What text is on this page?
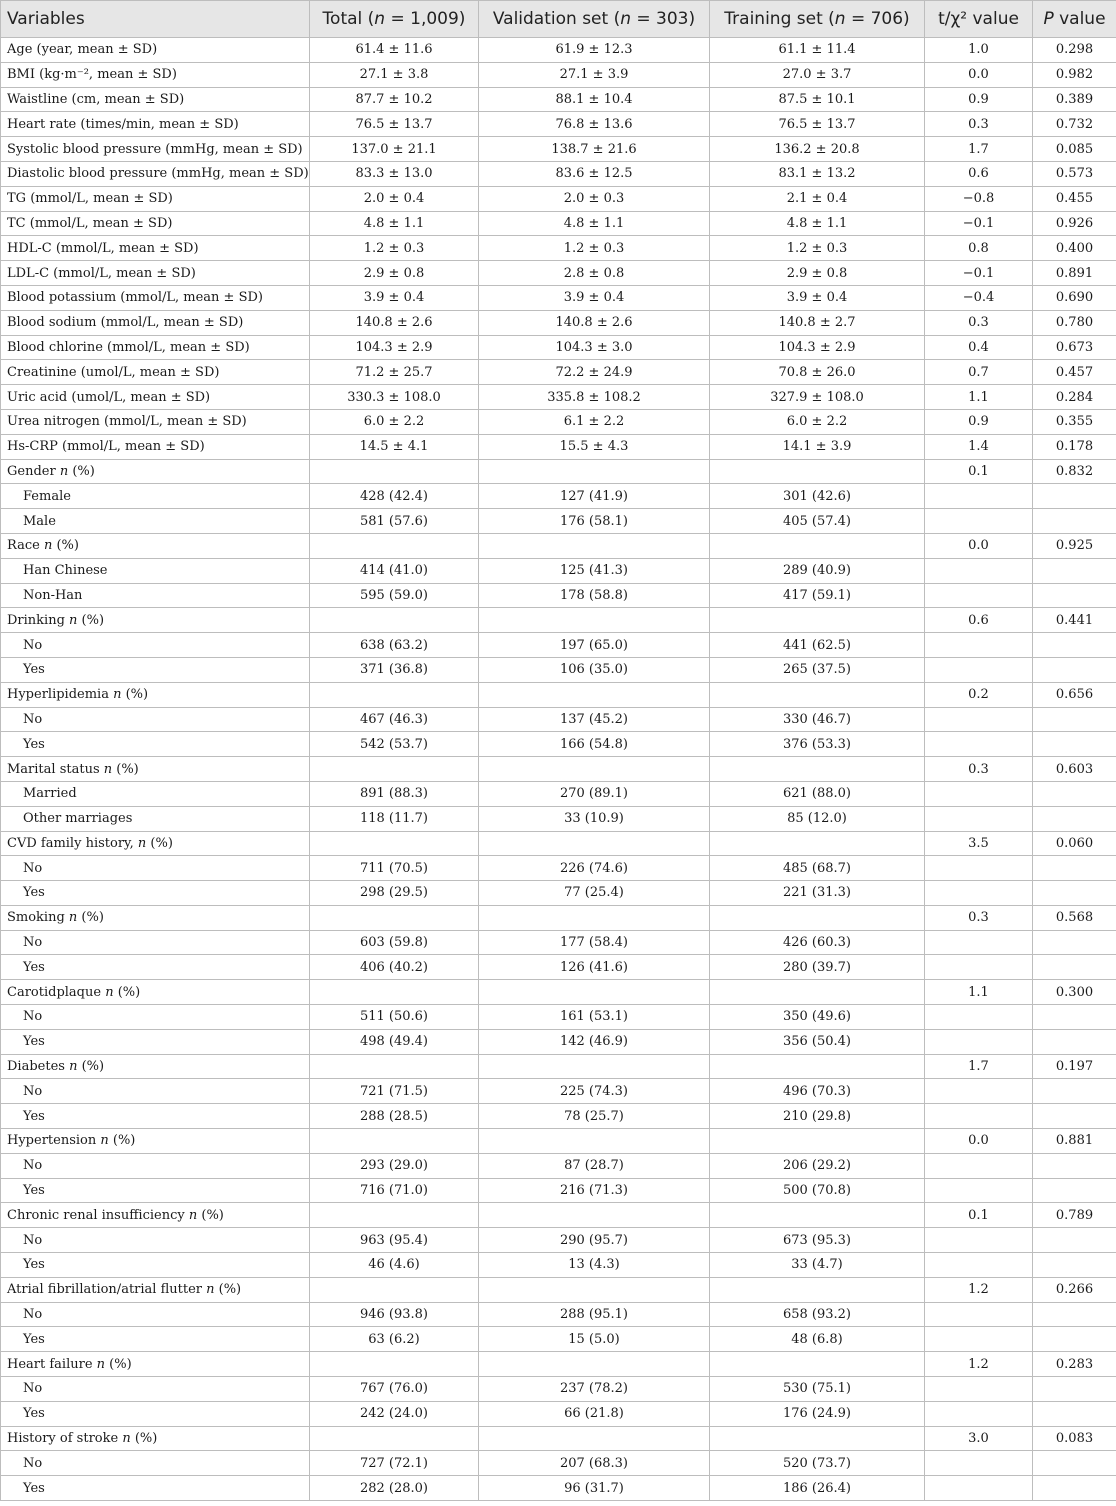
Variables	Total (n = 1,009)	Validation set (n = 303)	Training set (n = 706)	t/χ² value	P value
Age (year, mean ± SD)	61.4 ± 11.6	61.9 ± 12.3	61.1 ± 11.4	1.0	0.298
BMI (kg·m⁻², mean ± SD)	27.1 ± 3.8	27.1 ± 3.9	27.0 ± 3.7	0.0	0.982
Waistline (cm, mean ± SD)	87.7 ± 10.2	88.1 ± 10.4	87.5 ± 10.1	0.9	0.389
Heart rate (times/min, mean ± SD)	76.5 ± 13.7	76.8 ± 13.6	76.5 ± 13.7	0.3	0.732
Systolic blood pressure (mmHg, mean ± SD)	137.0 ± 21.1	138.7 ± 21.6	136.2 ± 20.8	1.7	0.085
Diastolic blood pressure (mmHg, mean ± SD)	83.3 ± 13.0	83.6 ± 12.5	83.1 ± 13.2	0.6	0.573
TG (mmol/L, mean ± SD)	2.0 ± 0.4	2.0 ± 0.3	2.1 ± 0.4	−0.8	0.455
TC (mmol/L, mean ± SD)	4.8 ± 1.1	4.8 ± 1.1	4.8 ± 1.1	−0.1	0.926
HDL-C (mmol/L, mean ± SD)	1.2 ± 0.3	1.2 ± 0.3	1.2 ± 0.3	0.8	0.400
LDL-C (mmol/L, mean ± SD)	2.9 ± 0.8	2.8 ± 0.8	2.9 ± 0.8	−0.1	0.891
Blood potassium (mmol/L, mean ± SD)	3.9 ± 0.4	3.9 ± 0.4	3.9 ± 0.4	−0.4	0.690
Blood sodium (mmol/L, mean ± SD)	140.8 ± 2.6	140.8 ± 2.6	140.8 ± 2.7	0.3	0.780
Blood chlorine (mmol/L, mean ± SD)	104.3 ± 2.9	104.3 ± 3.0	104.3 ± 2.9	0.4	0.673
Creatinine (umol/L, mean ± SD)	71.2 ± 25.7	72.2 ± 24.9	70.8 ± 26.0	0.7	0.457
Uric acid (umol/L, mean ± SD)	330.3 ± 108.0	335.8 ± 108.2	327.9 ± 108.0	1.1	0.284
Urea nitrogen (mmol/L, mean ± SD)	6.0 ± 2.2	6.1 ± 2.2	6.0 ± 2.2	0.9	0.355
Hs-CRP (mmol/L, mean ± SD)	14.5 ± 4.1	15.5 ± 4.3	14.1 ± 3.9	1.4	0.178
Gender n (%)				0.1	0.832
Female	428 (42.4)	127 (41.9)	301 (42.6)		
Male	581 (57.6)	176 (58.1)	405 (57.4)		
Race n (%)				0.0	0.925
Han Chinese	414 (41.0)	125 (41.3)	289 (40.9)		
Non-Han	595 (59.0)	178 (58.8)	417 (59.1)		
Drinking n (%)				0.6	0.441
No	638 (63.2)	197 (65.0)	441 (62.5)		
Yes	371 (36.8)	106 (35.0)	265 (37.5)		
Hyperlipidemia n (%)				0.2	0.656
No	467 (46.3)	137 (45.2)	330 (46.7)		
Yes	542 (53.7)	166 (54.8)	376 (53.3)		
Marital status n (%)				0.3	0.603
Married	891 (88.3)	270 (89.1)	621 (88.0)		
Other marriages	118 (11.7)	33 (10.9)	85 (12.0)		
CVD family history, n (%)				3.5	0.060
No	711 (70.5)	226 (74.6)	485 (68.7)		
Yes	298 (29.5)	77 (25.4)	221 (31.3)		
Smoking n (%)				0.3	0.568
No	603 (59.8)	177 (58.4)	426 (60.3)		
Yes	406 (40.2)	126 (41.6)	280 (39.7)		
Carotidplaque n (%)				1.1	0.300
No	511 (50.6)	161 (53.1)	350 (49.6)		
Yes	498 (49.4)	142 (46.9)	356 (50.4)		
Diabetes n (%)				1.7	0.197
No	721 (71.5)	225 (74.3)	496 (70.3)		
Yes	288 (28.5)	78 (25.7)	210 (29.8)		
Hypertension n (%)				0.0	0.881
No	293 (29.0)	87 (28.7)	206 (29.2)		
Yes	716 (71.0)	216 (71.3)	500 (70.8)		
Chronic renal insufficiency n (%)				0.1	0.789
No	963 (95.4)	290 (95.7)	673 (95.3)		
Yes	46 (4.6)	13 (4.3)	33 (4.7)		
Atrial fibrillation/atrial flutter n (%)				1.2	0.266
No	946 (93.8)	288 (95.1)	658 (93.2)		
Yes	63 (6.2)	15 (5.0)	48 (6.8)		
Heart failure n (%)				1.2	0.283
No	767 (76.0)	237 (78.2)	530 (75.1)		
Yes	242 (24.0)	66 (21.8)	176 (24.9)		
History of stroke n (%)				3.0	0.083
No	727 (72.1)	207 (68.3)	520 (73.7)		
Yes	282 (28.0)	96 (31.7)	186 (26.4)		
